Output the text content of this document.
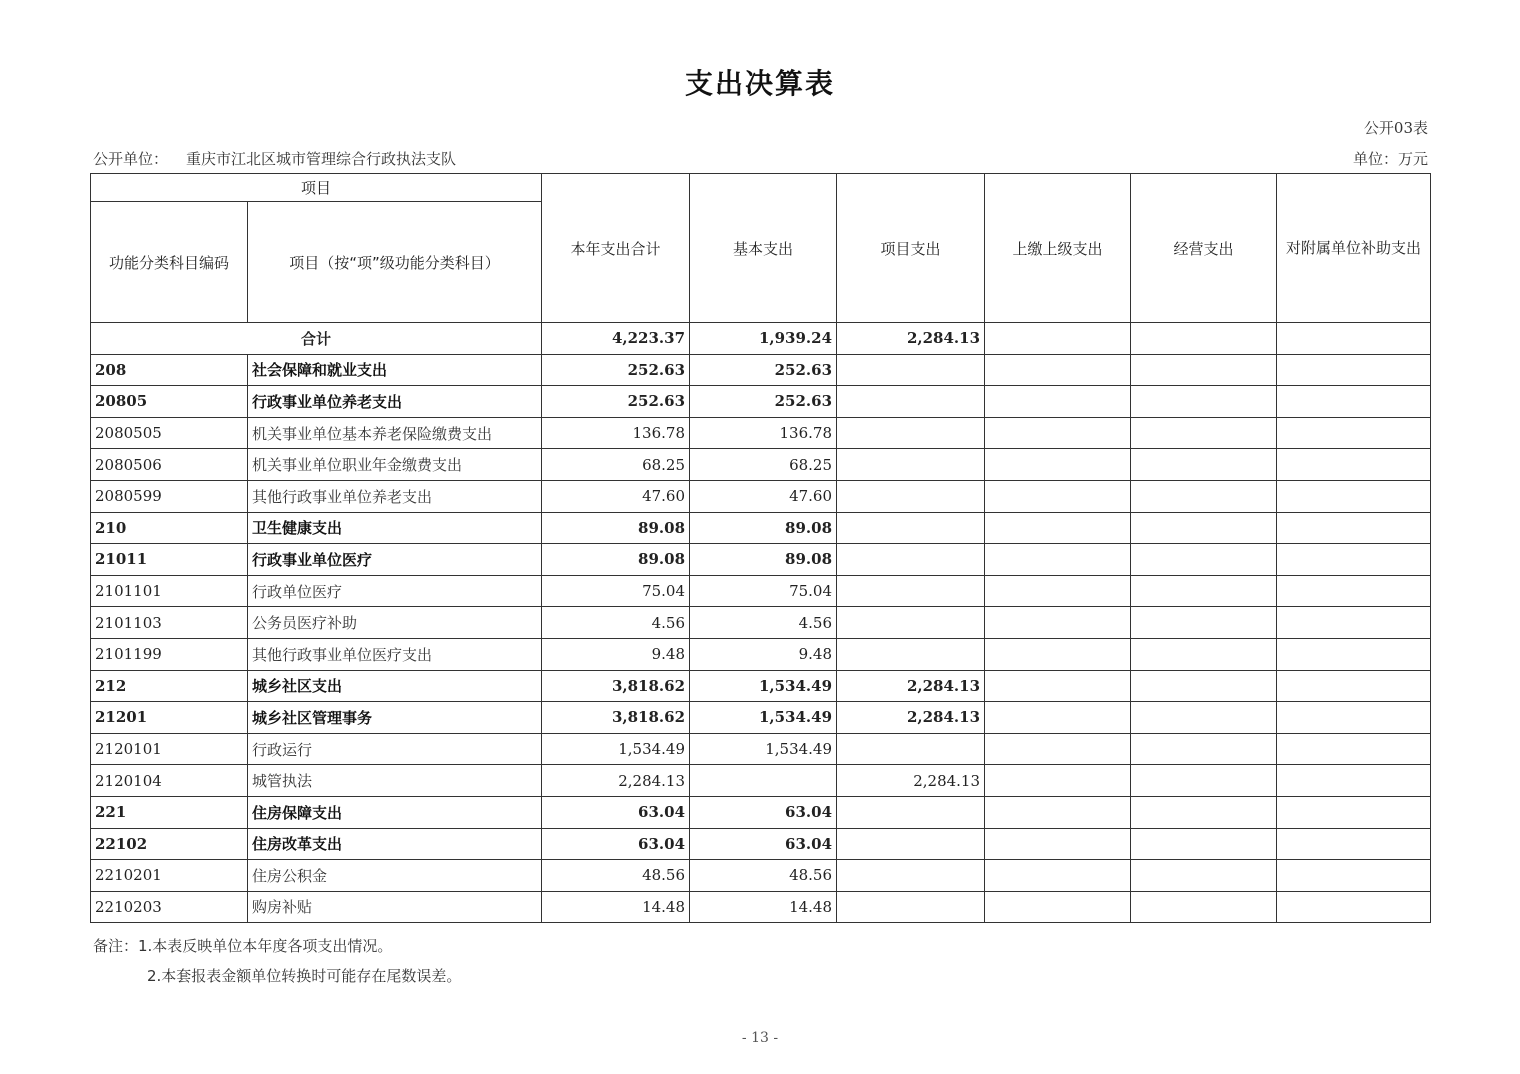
支出决算表
公开03表
公开单位： 重庆市江北区城市管理综合行政执法支队	单位：万元
项目		本年支出合计	基本支出	项目支出	上缴上级支出	经营支出	对附属单位补助支出
功能分类科目编码	项目（按“项”级功能分类科目）						
合计		4,223.37	1,939.24	2,284.13			
208	社会保障和就业支出	252.63	252.63				
20805	行政事业单位养老支出	252.63	252.63				
2080505	机关事业单位基本养老保险缴费支出	136.78	136.78				
2080506	机关事业单位职业年金缴费支出	68.25	68.25				
2080599	其他行政事业单位养老支出	47.60	47.60				
210	卫生健康支出	89.08	89.08				
21011	行政事业单位医疗	89.08	89.08				
2101101	行政单位医疗	75.04	75.04				
2101103	公务员医疗补助	4.56	4.56				
2101199	其他行政事业单位医疗支出	9.48	9.48				
212	城乡社区支出	3,818.62	1,534.49	2,284.13			
21201	城乡社区管理事务	3,818.62	1,534.49	2,284.13			
2120101	行政运行	1,534.49	1,534.49				
2120104	城管执法	2,284.13		2,284.13			
221	住房保障支出	63.04	63.04				
22102	住房改革支出	63.04	63.04				
2210201	住房公积金	48.56	48.56				
2210203	购房补贴	14.48	14.48				
备注：1.本表反映单位本年度各项支出情况。
2.本套报表金额单位转换时可能存在尾数误差。
- 13 -
